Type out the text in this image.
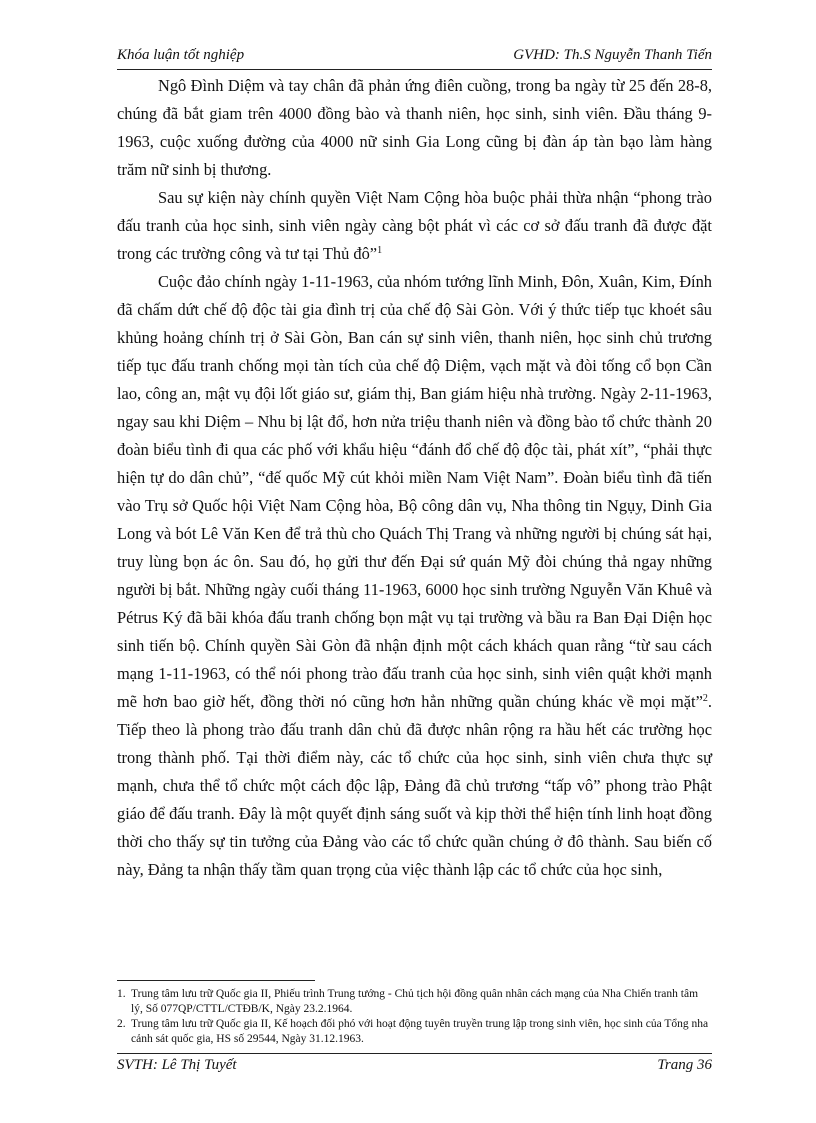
Khóa luận tốt nghiệp	GVHD: Th.S Nguyễn Thanh Tiến

Ngô Đình Diệm và tay chân đã phản ứng điên cuồng, trong ba ngày từ 25 đến 28-8, chúng đã bắt giam trên 4000 đồng bào và thanh niên, học sinh, sinh viên. Đầu tháng 9-1963, cuộc xuống đường của 4000 nữ sinh Gia Long cũng bị đàn áp tàn bạo làm hàng trăm nữ sinh bị thương.

Sau sự kiện này chính quyền Việt Nam Cộng hòa buộc phải thừa nhận “phong trào đấu tranh của học sinh, sinh viên ngày càng bột phát vì các cơ sở đấu tranh đã được đặt trong các trường công và tư tại Thủ đô”$^1$

Cuộc đảo chính ngày 1-11-1963, của nhóm tướng lĩnh Minh, Đôn, Xuân, Kim, Đính đã chấm dứt chế độ độc tài gia đình trị của chế độ Sài Gòn. Với ý thức tiếp tục khoét sâu khủng hoảng chính trị ở Sài Gòn, Ban cán sự sinh viên, thanh niên, học sinh chủ trương tiếp tục đấu tranh chống mọi tàn tích của chế độ Diệm, vạch mặt và đòi tống cổ bọn Cần lao, công an, mật vụ đội lốt giáo sư, giám thị, Ban giám hiệu nhà trường. Ngày 2-11-1963, ngay sau khi Diệm – Nhu bị lật đổ, hơn nửa triệu thanh niên và đồng bào tổ chức thành 20 đoàn biểu tình đi qua các phố với khẩu hiệu “đánh đổ chế độ độc tài, phát xít”, “phải thực hiện tự do dân chủ”, “đế quốc Mỹ cút khỏi miền Nam Việt Nam”. Đoàn biểu tình đã tiến vào Trụ sở Quốc hội Việt Nam Cộng hòa, Bộ công dân vụ, Nha thông tin Ngụy, Dinh Gia Long và bót Lê Văn Ken để trả thù cho Quách Thị Trang và những người bị chúng sát hại, truy lùng bọn ác ôn. Sau đó, họ gửi thư đến Đại sứ quán Mỹ đòi chúng thả ngay những người bị bắt. Những ngày cuối tháng 11-1963, 6000 học sinh trường Nguyễn Văn Khuê và Pétrus Ký đã bãi khóa đấu tranh chống bọn mật vụ tại trường và bầu ra Ban Đại Diện học sinh tiến bộ. Chính quyền Sài Gòn đã nhận định một cách khách quan rằng “từ sau cách mạng 1-11-1963, có thể nói phong trào đấu tranh của học sinh, sinh viên quật khởi mạnh mẽ hơn bao giờ hết, đồng thời nó cũng hơn hẳn những quần chúng khác về mọi mặt”$^2$. Tiếp theo là phong trào đấu tranh dân chủ đã được nhân rộng ra hầu hết các trường học trong thành phố. Tại thời điểm này, các tổ chức của học sinh, sinh viên chưa thực sự mạnh, chưa thể tổ chức một cách độc lập, Đảng đã chủ trương “tấp vô” phong trào Phật giáo để đấu tranh. Đây là một quyết định sáng suốt và kịp thời thể hiện tính linh hoạt đồng thời cho thấy sự tin tưởng của Đảng vào các tổ chức quần chúng ở đô thành. Sau biến cố này, Đảng ta nhận thấy tầm quan trọng của việc thành lập các tổ chức của học sinh,

1. Trung tâm lưu trữ Quốc gia II, Phiếu trình Trung tướng - Chủ tịch hội đồng quân nhân cách mạng của Nha Chiến tranh tâm lý, Số 077QP/CTTL/CTĐB/K, Ngày 23.2.1964.
2. Trung tâm lưu trữ Quốc gia II, Kế hoạch đối phó với hoạt động tuyên truyền trung lập trong sinh viên, học sinh của Tổng nha cảnh sát quốc gia, HS số 29544, Ngày 31.12.1963.
SVTH: Lê Thị Tuyết	Trang 36
